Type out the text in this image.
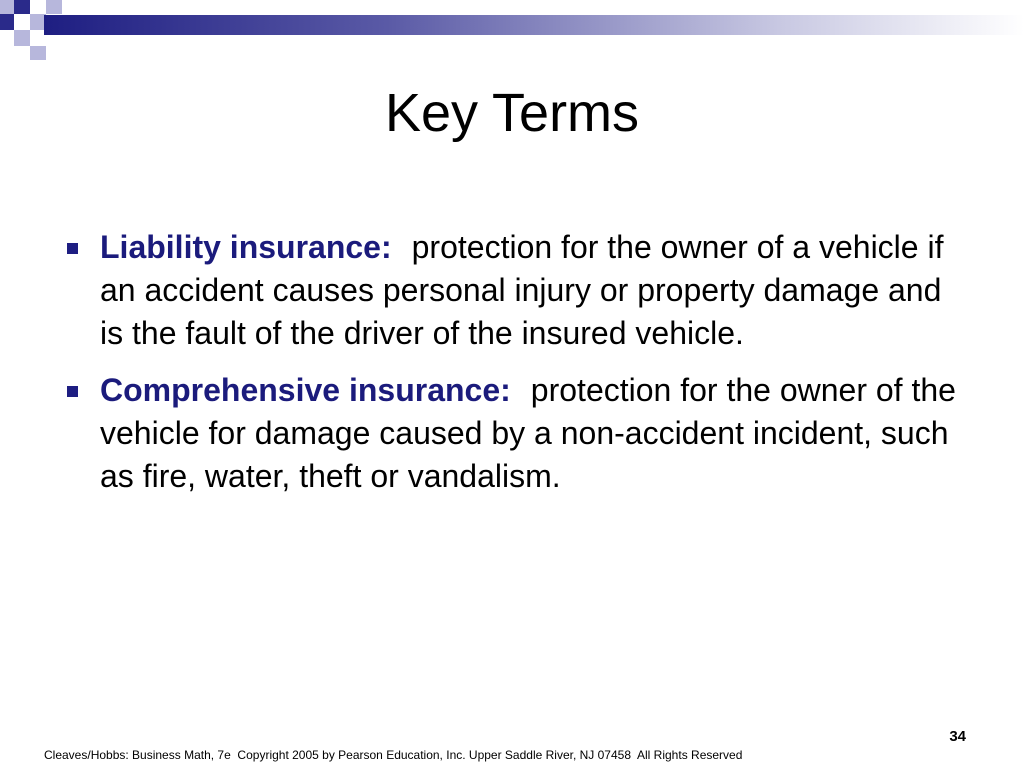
Key Terms
Liability insurance: protection for the owner of a vehicle if an accident causes personal injury or property damage and is the fault of the driver of the insured vehicle.
Comprehensive insurance: protection for the owner of the vehicle for damage caused by a non-accident incident, such as fire, water, theft or vandalism.
34
Cleaves/Hobbs: Business Math, 7e  Copyright 2005 by Pearson Education, Inc. Upper Saddle River, NJ 07458  All Rights Reserved
